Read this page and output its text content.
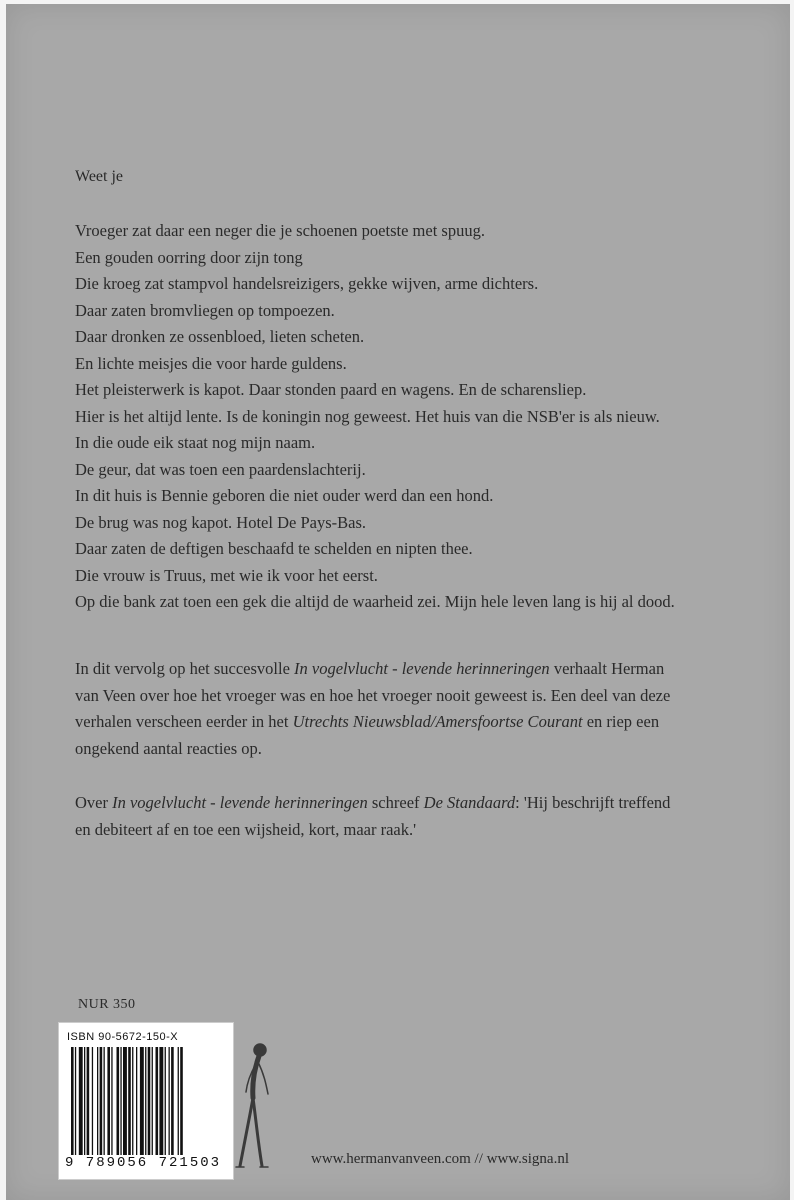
Weet je
Vroeger zat daar een neger die je schoenen poetste met spuug.
Een gouden oorring door zijn tong
Die kroeg zat stampvol handelsreizigers, gekke wijven, arme dichters.
Daar zaten bromvliegen op tompoezen.
Daar dronken ze ossenbloed, lieten scheten.
En lichte meisjes die voor harde guldens.
Het pleisterwerk is kapot. Daar stonden paard en wagens. En de scharensliep.
Hier is het altijd lente. Is de koningin nog geweest. Het huis van die NSB'er is als nieuw.
In die oude eik staat nog mijn naam.
De geur, dat was toen een paardenslachterij.
In dit huis is Bennie geboren die niet ouder werd dan een hond.
De brug was nog kapot. Hotel De Pays-Bas.
Daar zaten de deftigen beschaafd te schelden en nipten thee.
Die vrouw is Truus, met wie ik voor het eerst.
Op die bank zat toen een gek die altijd de waarheid zei. Mijn hele leven lang is hij al dood.

In dit vervolg op het succesvolle In vogelvlucht - levende herinneringen verhaalt Herman van Veen over hoe het vroeger was en hoe het vroeger nooit geweest is. Een deel van deze verhalen verscheen eerder in het Utrechts Nieuwsblad/Amersfoortse Courant en riep een ongekend aantal reacties op.

Over In vogelvlucht - levende herinneringen schreef De Standaard: 'Hij beschrijft treffend en debiteert af en toe een wijsheid, kort, maar raak.'

NUR 350
ISBN 90-5672-150-X
9 789056 721503	www.hermanvanveen.com // www.signa.nl
